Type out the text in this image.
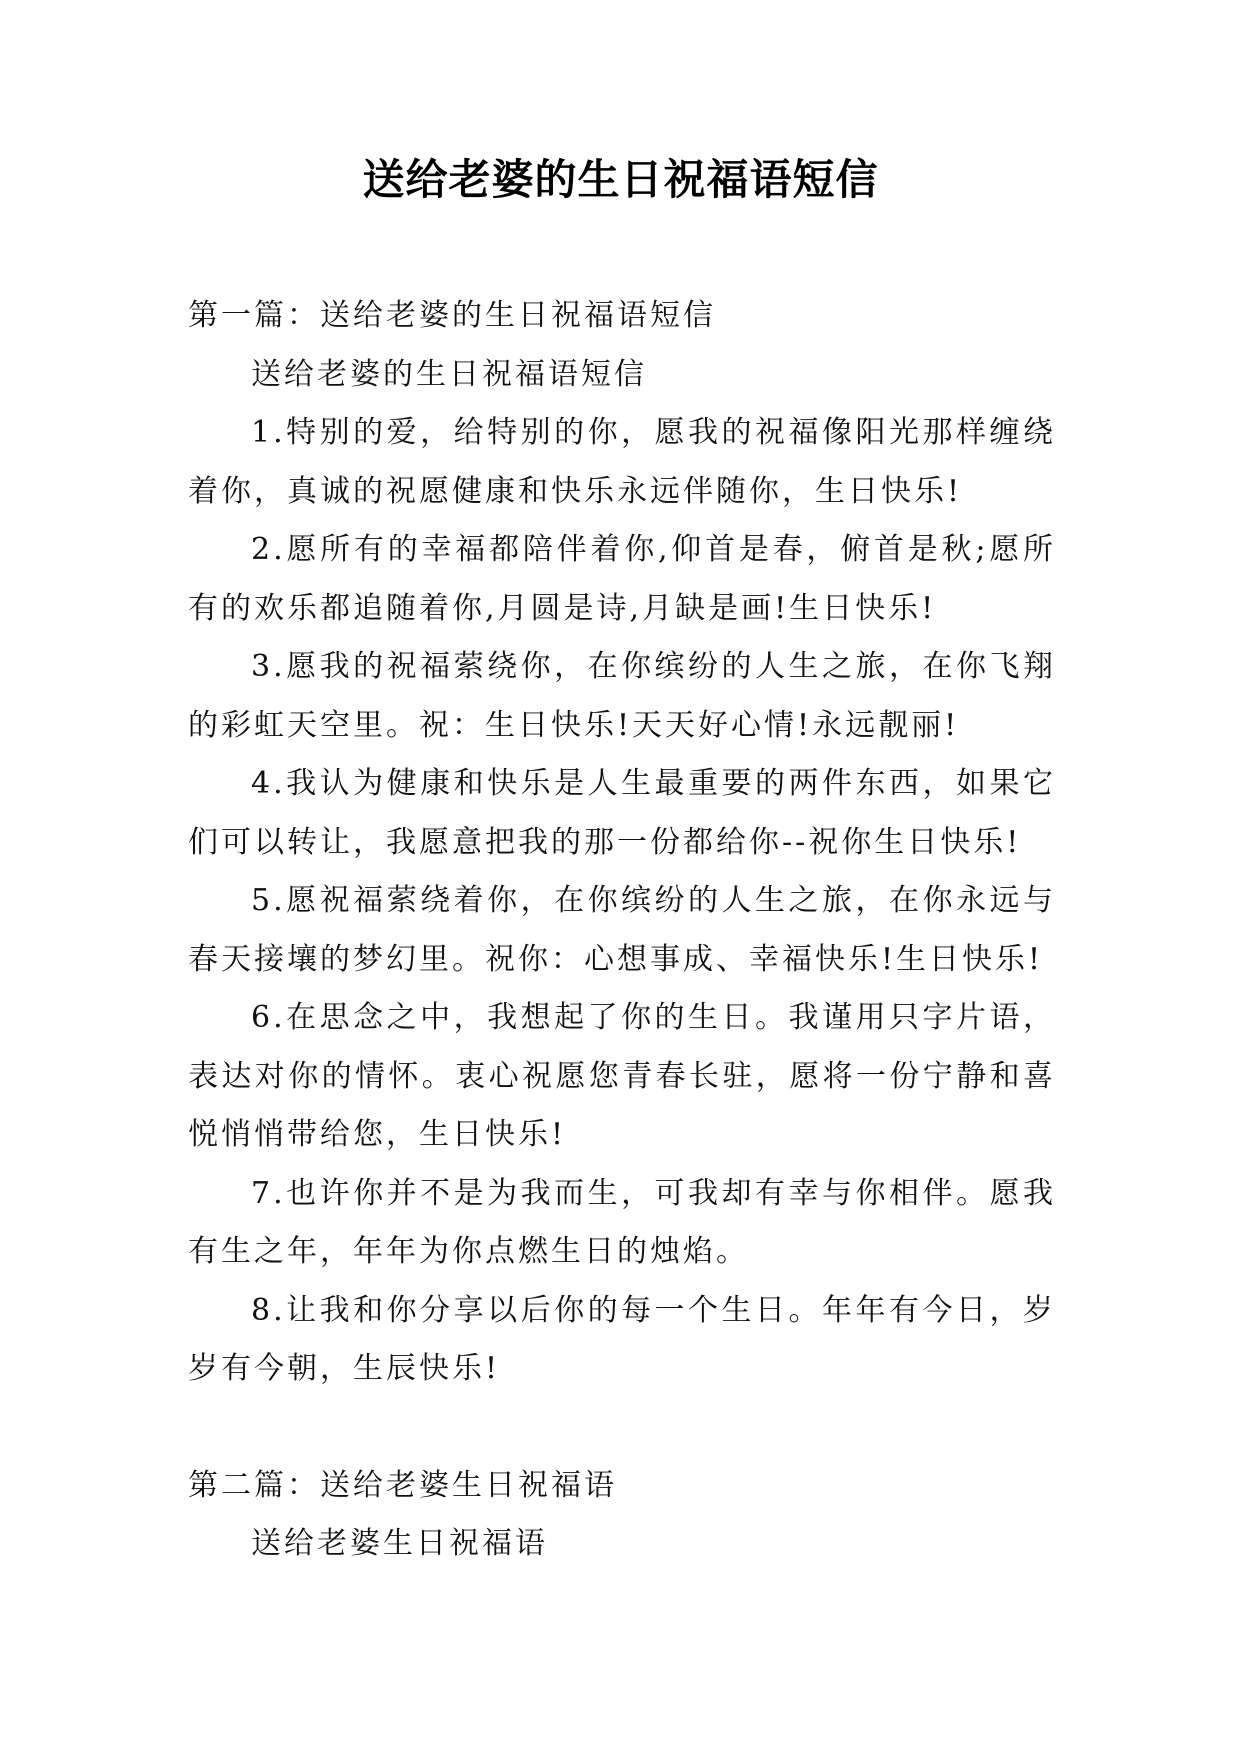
送给老婆的生日祝福语短信

第一篇：送给老婆的生日祝福语短信

送给老婆的生日祝福语短信

1.特别的爱，给特别的你，愿我的祝福像阳光那样缠绕着你，真诚的祝愿健康和快乐永远伴随你，生日快乐!

2.愿所有的幸福都陪伴着你,仰首是春，俯首是秋;愿所有的欢乐都追随着你,月圆是诗,月缺是画!生日快乐!

3.愿我的祝福萦绕你，在你缤纷的人生之旅，在你飞翔的彩虹天空里。祝：生日快乐!天天好心情!永远靓丽!

4.我认为健康和快乐是人生最重要的两件东西，如果它们可以转让，我愿意把我的那一份都给你--祝你生日快乐!

5.愿祝福萦绕着你，在你缤纷的人生之旅，在你永远与春天接壤的梦幻里。祝你：心想事成、幸福快乐!生日快乐!

6.在思念之中，我想起了你的生日。我谨用只字片语，表达对你的情怀。衷心祝愿您青春长驻，愿将一份宁静和喜悦悄悄带给您，生日快乐!

7.也许你并不是为我而生，可我却有幸与你相伴。愿我有生之年，年年为你点燃生日的烛焰。

8.让我和你分享以后你的每一个生日。年年有今日，岁岁有今朝，生辰快乐!

第二篇：送给老婆生日祝福语

送给老婆生日祝福语
